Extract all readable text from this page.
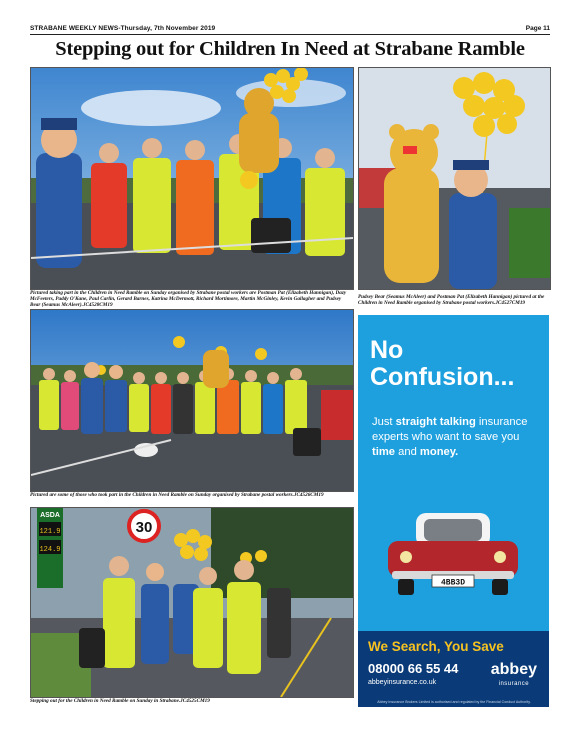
STRABANE WEEKLY NEWS-Thursday, 7th November 2019	Page 11
Stepping out for Children In Need at Strabane Ramble
Pictured taking part in the Children in Need Ramble on Sunday organised by Strabane postal workers are Postman Pat (Elizabeth Hannigan), Dazy McFeeters, Paddy O'Kane, Paul Carlin, Gerard Barnes, Katrina McDermott, Richard Mortimore, Martin McGinley, Kevin Gallagher and Pudsey Bear (Seamus McAleer).JC4528CM19
Pudsey Bear (Seamus McAleer) and Postman Pat (Elizabeth Hannigan) pictured at the Children in Need Ramble organised by Strabane postal workers.JC4527CM19
Pictured are some of those who took part in the Children in Need Ramble on Sunday organised by Strabane postal workers.JC4526CM19
ASDA
121.9
124.9
30
Stepping out for the Children in Need Ramble on Sunday in Strabane.JC4525CM19
No
Confusion...
Just straight talking insurance experts who want to save you time and money.
4BB3D
We Search, You Save
08000 66 55 44
abbeyinsurance.co.uk
abbey
insurance
Abbey Insurance Brokers Limited is authorised and regulated by the Financial Conduct Authority.
